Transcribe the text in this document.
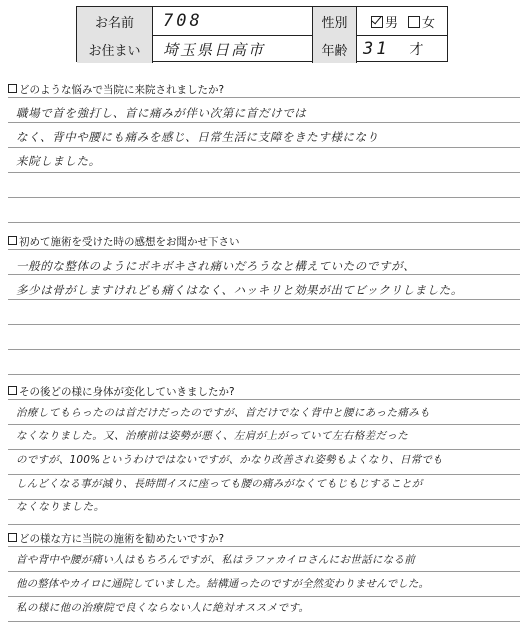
お名前	708	性別	男	女
お住まい	埼玉県日高市	年齢 31 才
どのような悩みで当院に来院されましたか?
職場で首を強打し、首に痛みが伴い次第に首だけでは
なく、背中や腰にも痛みを感じ、日常生活に支障をきたす様になり
来院しました。
初めて施術を受けた時の感想をお聞かせ下さい
一般的な整体のようにボキボキされ痛いだろうなと構えていたのですが、
多少は骨がしますけれども痛くはなく、ハッキリと効果が出てビックリしました。
その後どの様に身体が変化していきましたか?
治療してもらったのは首だけだったのですが、首だけでなく背中と腰にあった痛みも
なくなりました。又、治療前は姿勢が悪く、左肩が上がっていて左右格差だった
のですが、100%というわけではないですが、かなり改善され姿勢もよくなり、日常でも
しんどくなる事が減り、長時間イスに座っても腰の痛みがなくてもじもじすることが
なくなりました。
どの様な方に当院の施術を勧めたいですか?
首や背中や腰が痛い人はもちろんですが、私はラファカイロさんにお世話になる前
他の整体やカイロに通院していました。結構通ったのですが全然変わりませんでした。
私の様に他の治療院で良くならない人に絶対オススメです。
